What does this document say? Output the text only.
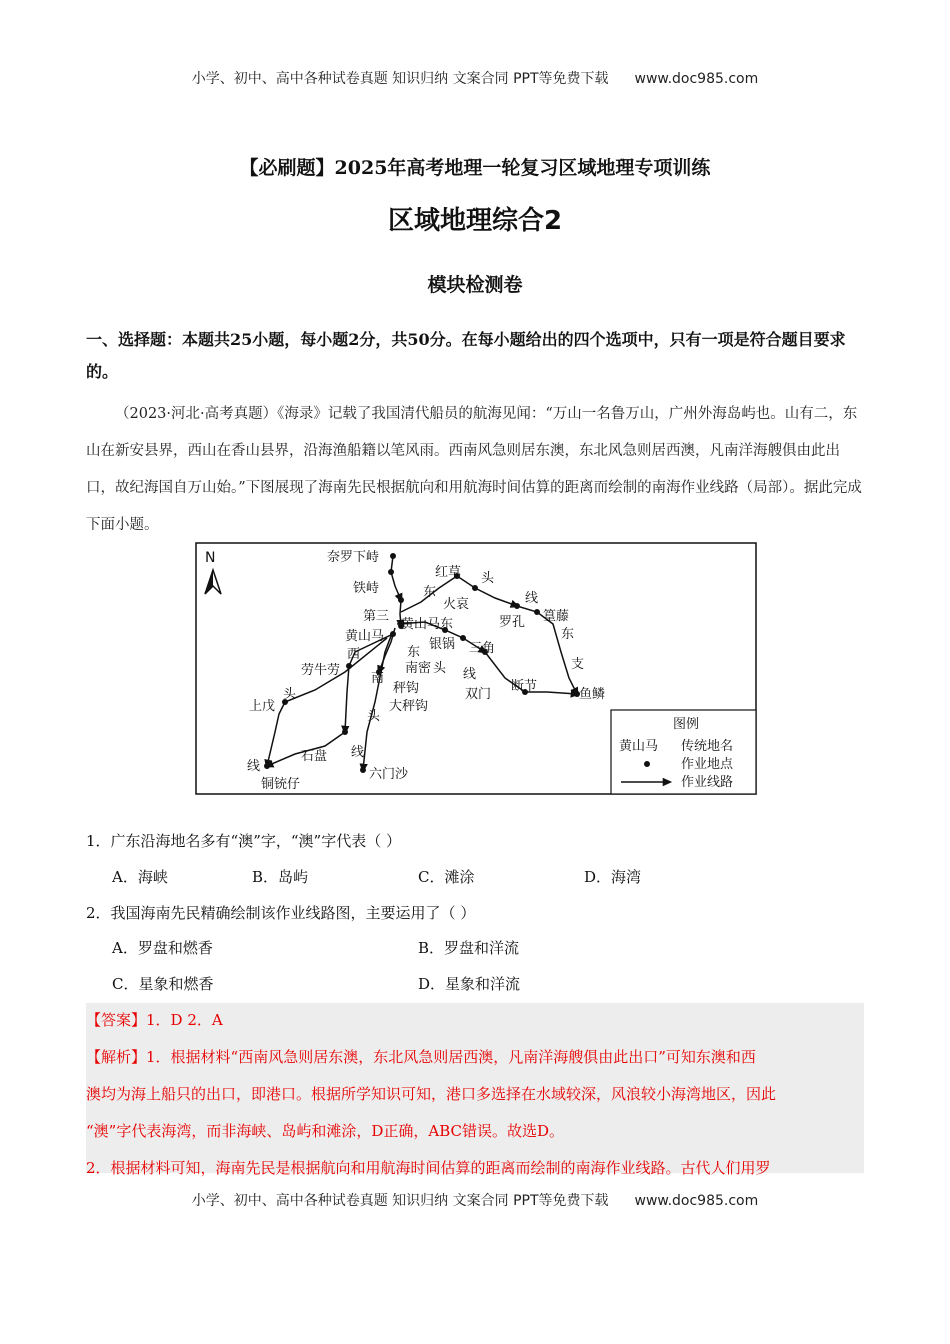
小学、初中、高中各种试卷真题 知识归纳 文案合同 PPT等免费下载 www.doc985.com
【必刷题】2025年高考地理一轮复习区域地理专项训练
区域地理综合2
模块检测卷
一、选择题：本题共25小题，每小题2分，共50分。在每小题给出的四个选项中，只有一项是符合题目要求的。
（2023·河北·高考真题）《海录》记载了我国清代船员的航海见闻：“万山一名鲁万山，广州外海岛屿也。山有二，东山在新安县界，西山在香山县界，沿海渔船籍以笔风雨。西南风急则居东澳，东北风急则居西澳，凡南洋海艘俱由此出口，故纪海国自万山始。”下图展现了海南先民根据航向和用航海时间估算的距离而绘制的南海作业线路（局部）。据此完成下面小题。
N	奈罗下峙
铁峙
红草
东
头
火哀	线
罗孔
第三
黄山马东
黄山马
银锅 三角
西	东
南密 头
劳牛劳
南
秤钩
线
双门
断节
鱼鳞
上戊
头
大秤钩
头
石盘 线
线
铜铳仔
六门沙
篁藤
东
支
图例
黄山马 传统地名
作业地点
作业线路
1．广东沿海地名多有“澳”字，“澳”字代表（ ）
A．海峡	B．岛屿	C．滩涂	D．海湾
2．我国海南先民精确绘制该作业线路图，主要运用了（ ）
A．罗盘和燃香	B．罗盘和洋流
C．星象和燃香	D．星象和洋流
【答案】1．D 2．A
【解析】1．根据材料“西南风急则居东澳，东北风急则居西澳，凡南洋海艘俱由此出口”可知东澳和西
澳均为海上船只的出口，即港口。根据所学知识可知，港口多选择在水域较深，风浪较小海湾地区，因此
“澳”字代表海湾，而非海峡、岛屿和滩涂，D正确，ABC错误。故选D。
2．根据材料可知，海南先民是根据航向和用航海时间估算的距离而绘制的南海作业线路。古代人们用罗
小学、初中、高中各种试卷真题 知识归纳 文案合同 PPT等免费下载 www.doc985.com
